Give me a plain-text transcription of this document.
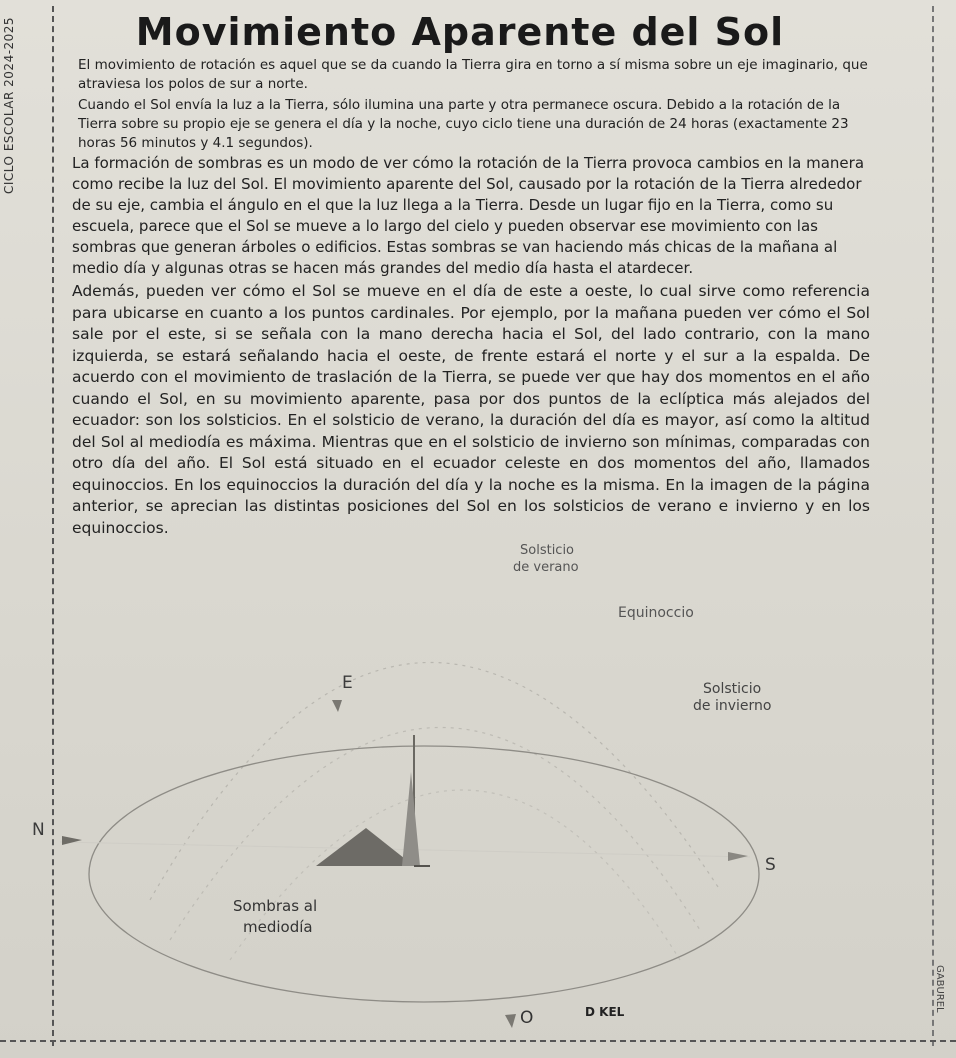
CICLO ESCOLAR 2024-2025	Movimiento Aparente del Sol

El movimiento de rotación es aquel que se da cuando la Tierra gira en torno a sí misma sobre un eje imaginario, que atraviesa los polos de sur a norte.

Cuando el Sol envía la luz a la Tierra, sólo ilumina una parte y otra permanece oscura. Debido a la rotación de la Tierra sobre su propio eje se genera el día y la noche, cuyo ciclo tiene una duración de 24 horas (exactamente 23 horas 56 minutos y 4.1 segundos).

La formación de sombras es un modo de ver cómo la rotación de la Tierra provoca cambios en la manera como recibe la luz del Sol. El movimiento aparente del Sol, causado por la rotación de la Tierra alrededor de su eje, cambia el ángulo en el que la luz llega a la Tierra. Desde un lugar fijo en la Tierra, como su escuela, parece que el Sol se mueve a lo largo del cielo y pueden observar ese movimiento con las sombras que generan árboles o edificios. Estas sombras se van haciendo más chicas de la mañana al medio día y algunas otras se hacen más grandes del medio día hasta el atardecer.

Además, pueden ver cómo el Sol se mueve en el día de este a oeste, lo cual sirve como referencia para ubicarse en cuanto a los puntos cardinales. Por ejemplo, por la mañana pueden ver cómo el Sol sale por el este, si se señala con la mano derecha hacia el Sol, del lado contrario, con la mano izquierda, se estará señalando hacia el oeste, de frente estará el norte y el sur a la espalda. De acuerdo con el movimiento de traslación de la Tierra, se puede ver que hay dos momentos en el año cuando el Sol, en su movimiento aparente, pasa por dos puntos de la eclíptica más alejados del ecuador: son los solsticios. En el solsticio de verano, la duración del día es mayor, así como la altitud del Sol al mediodía es máxima. Mientras que en el solsticio de invierno son mínimas, comparadas con otro día del año. El Sol está situado en el ecuador celeste en dos momentos del año, llamados equinoccios. En los equinoccios la duración del día y la noche es la misma. En la imagen de la página anterior, se aprecian las distintas posiciones del Sol en los solsticios de verano e invierno y en los equinoccios.

Solsticio
de verano
Equinoccio
E	Solsticio
de invierno
N
S
Sombras al
mediodía
O	D KEL	GABUREL
